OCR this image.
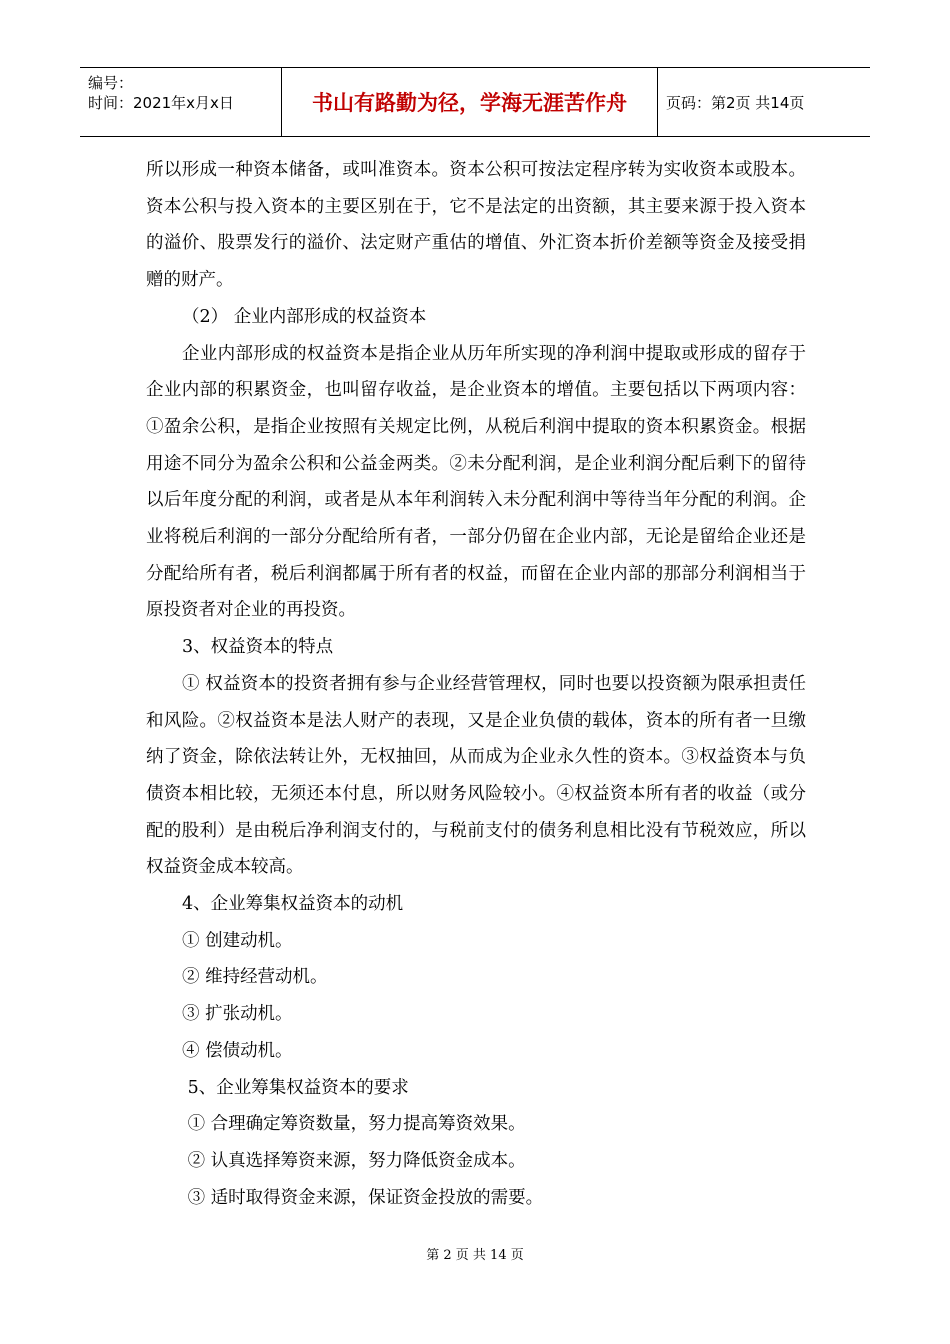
编号：
时间：2021年x月x日	书山有路勤为径，学海无涯苦作舟	页码：第2页 共14页

所以形成一种资本储备，或叫准资本。资本公积可按法定程序转为实收资本或股本。资本公积与投入资本的主要区别在于，它不是法定的出资额，其主要来源于投入资本的溢价、股票发行的溢价、法定财产重估的增值、外汇资本折价差额等资金及接受捐赠的财产。

（2） 企业内部形成的权益资本

企业内部形成的权益资本是指企业从历年所实现的净利润中提取或形成的留存于企业内部的积累资金，也叫留存收益，是企业资本的增值。主要包括以下两项内容：①盈余公积，是指企业按照有关规定比例，从税后利润中提取的资本积累资金。根据用途不同分为盈余公积和公益金两类。②未分配利润，是企业利润分配后剩下的留待以后年度分配的利润，或者是从本年利润转入未分配利润中等待当年分配的利润。企业将税后利润的一部分分配给所有者，一部分仍留在企业内部，无论是留给企业还是分配给所有者，税后利润都属于所有者的权益，而留在企业内部的那部分利润相当于原投资者对企业的再投资。

3、权益资本的特点

① 权益资本的投资者拥有参与企业经营管理权，同时也要以投资额为限承担责任和风险。②权益资本是法人财产的表现，又是企业负债的载体，资本的所有者一旦缴纳了资金，除依法转让外，无权抽回，从而成为企业永久性的资本。③权益资本与负债资本相比较，无须还本付息，所以财务风险较小。④权益资本所有者的收益（或分配的股利）是由税后净利润支付的，与税前支付的债务利息相比没有节税效应，所以权益资金成本较高。

4、企业筹集权益资本的动机

① 创建动机。

② 维持经营动机。

③ 扩张动机。

④ 偿债动机。

5、企业筹集权益资本的要求

① 合理确定筹资数量，努力提高筹资效果。

② 认真选择筹资来源，努力降低资金成本。

③ 适时取得资金来源，保证资金投放的需要。

第 2 页 共 14 页
